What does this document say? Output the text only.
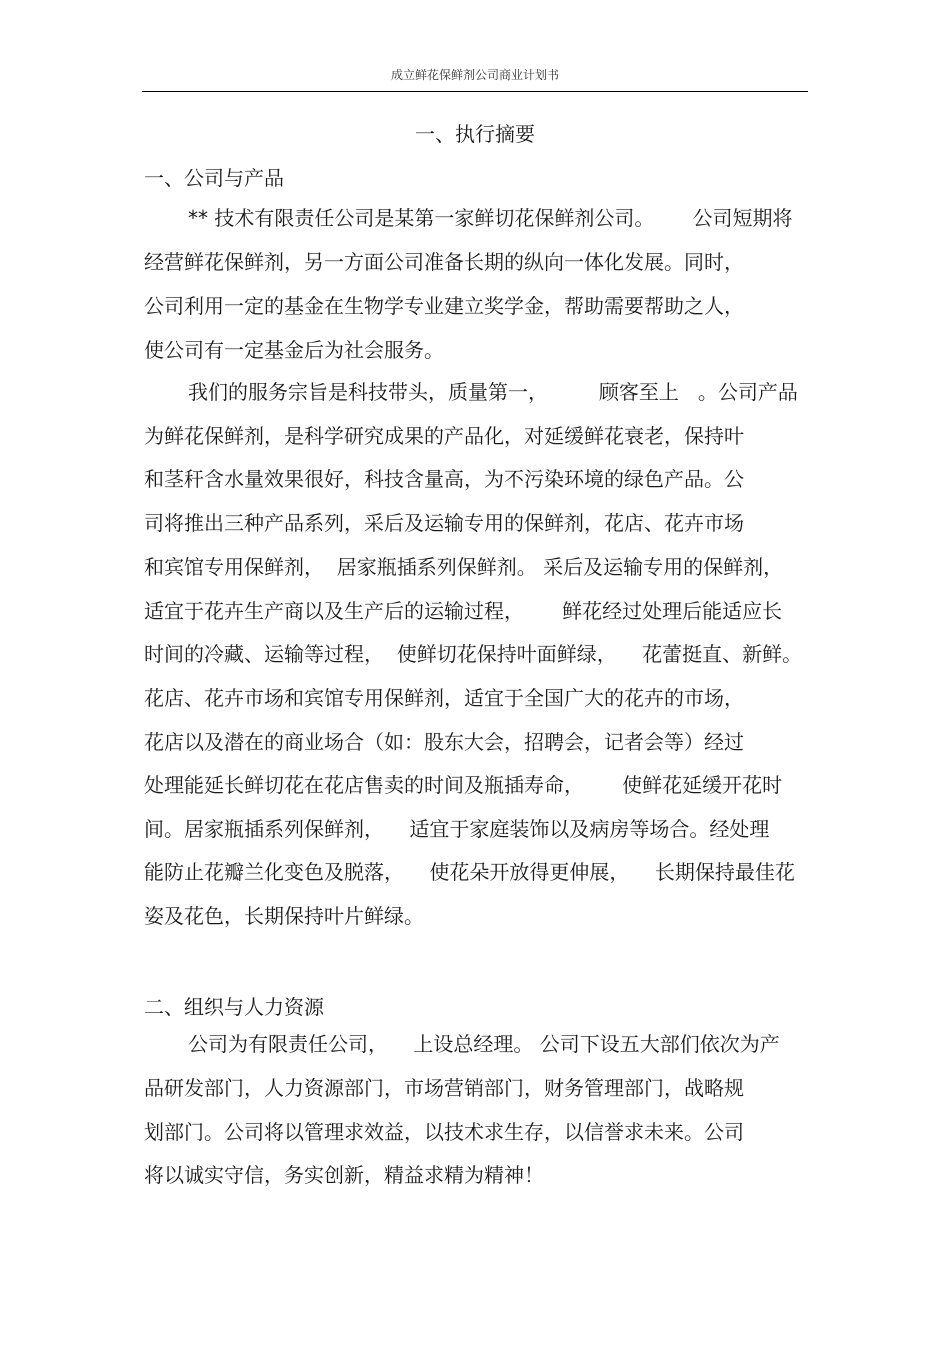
成立鲜花保鲜剂公司商业计划书
一、执行摘要
一、公司与产品
** 技术有限责任公司是某第一家鲜切花保鲜剂公司。      公司短期将
经营鲜花保鲜剂，另一方面公司准备长期的纵向一体化发展。同时，
公司利用一定的基金在生物学专业建立奖学金，帮助需要帮助之人，
使公司有一定基金后为社会服务。
我们的服务宗旨是科技带头，质量第一，        顾客至上   。公司产品
为鲜花保鲜剂，是科学研究成果的产品化，对延缓鲜花衰老，保持叶
和茎秆含水量效果很好，科技含量高，为不污染环境的绿色产品。公
司将推出三种产品系列，采后及运输专用的保鲜剂，花店、花卉市场
和宾馆专用保鲜剂，  居家瓶插系列保鲜剂。 采后及运输专用的保鲜剂，
适宜于花卉生产商以及生产后的运输过程，      鲜花经过处理后能适应长
时间的冷藏、运输等过程，  使鲜切花保持叶面鲜绿，    花蕾挺直、新鲜。
花店、花卉市场和宾馆专用保鲜剂，适宜于全国广大的花卉的市场，
花店以及潜在的商业场合（如：股东大会，招聘会，记者会等）经过
处理能延长鲜切花在花店售卖的时间及瓶插寿命，      使鲜花延缓开花时
间。居家瓶插系列保鲜剂，    适宜于家庭装饰以及病房等场合。经处理
能防止花瓣兰化变色及脱落，    使花朵开放得更伸展，    长期保持最佳花
姿及花色，长期保持叶片鲜绿。
二、组织与人力资源
公司为有限责任公司，    上设总经理。 公司下设五大部们依次为产
品研发部门，人力资源部门，市场营销部门，财务管理部门，战略规
划部门。公司将以管理求效益，以技术求生存，以信誉求未来。公司
将以诚实守信，务实创新，精益求精为精神！
